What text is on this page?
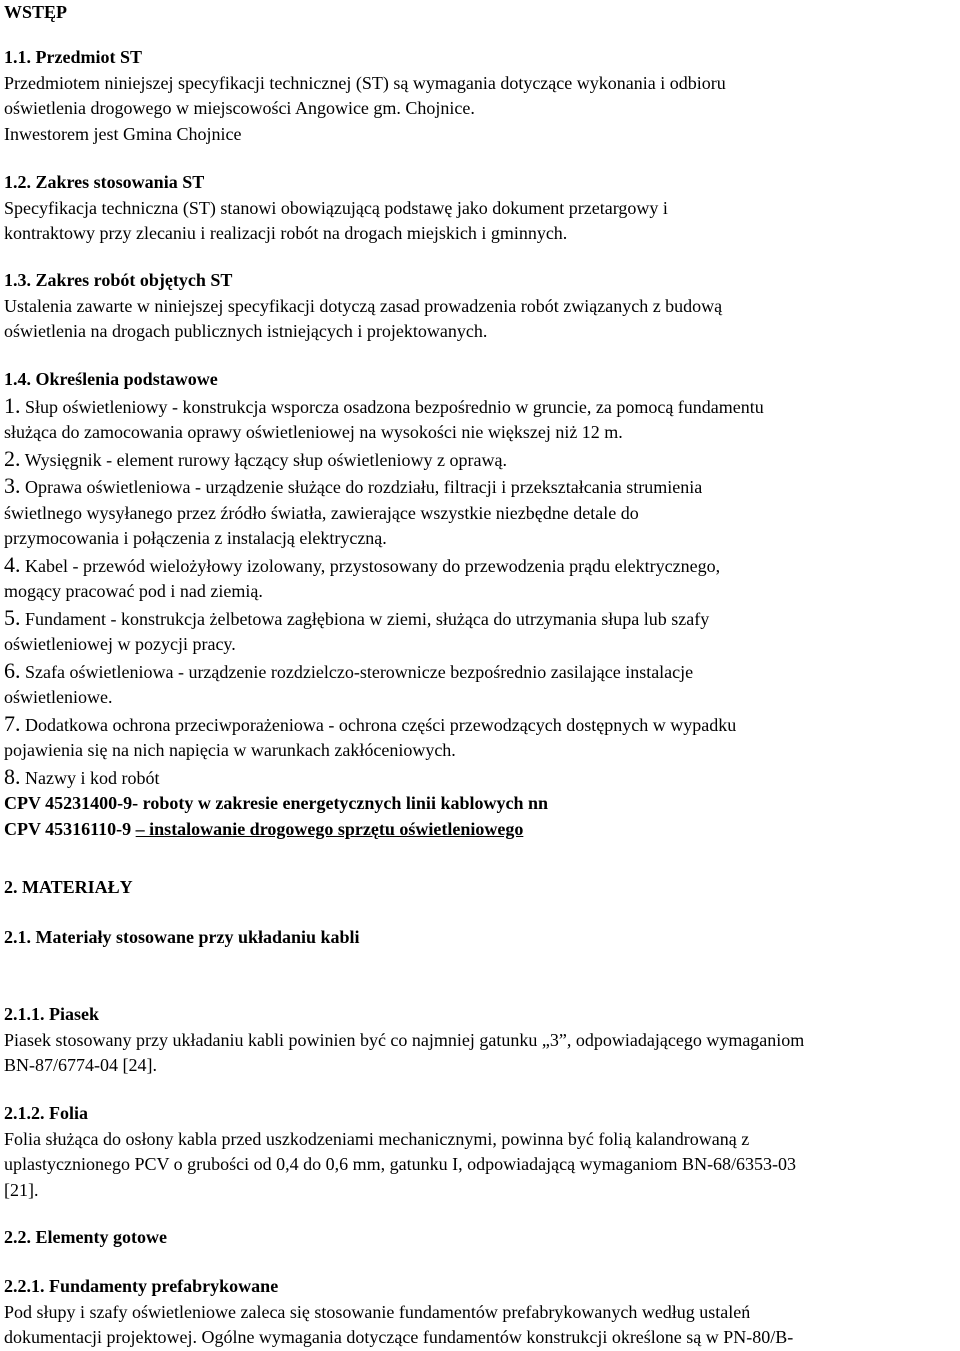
WSTĘP
1.1. Przedmiot ST
Przedmiotem niniejszej specyfikacji technicznej (ST) są wymagania dotyczące wykonania i odbioru
oświetlenia drogowego w miejscowości Angowice gm. Chojnice.
Inwestorem jest Gmina Chojnice
1.2. Zakres stosowania ST
Specyfikacja techniczna (ST) stanowi obowiązującą podstawę jako dokument przetargowy i
kontraktowy przy zlecaniu i realizacji robót na drogach miejskich i gminnych.
1.3. Zakres robót objętych ST
Ustalenia zawarte w niniejszej specyfikacji dotyczą zasad prowadzenia robót związanych z budową
oświetlenia na drogach publicznych istniejących i projektowanych.
1.4. Określenia podstawowe
1. Słup oświetleniowy - konstrukcja wsporcza osadzona bezpośrednio w gruncie, za pomocą fundamentu
służąca do zamocowania oprawy oświetleniowej na wysokości nie większej niż 12 m.
2. Wysięgnik - element rurowy łączący słup oświetleniowy z oprawą.
3. Oprawa oświetleniowa - urządzenie służące do rozdziału, filtracji i przekształcania strumienia
świetlnego wysyłanego przez źródło światła, zawierające wszystkie niezbędne detale do
przymocowania i połączenia z instalacją elektryczną.
4. Kabel - przewód wielożyłowy izolowany, przystosowany do przewodzenia prądu elektrycznego,
mogący pracować pod i nad ziemią.
5. Fundament - konstrukcja żelbetowa zagłębiona w ziemi, służąca do utrzymania słupa lub szafy
oświetleniowej w pozycji pracy.
6. Szafa oświetleniowa - urządzenie rozdzielczo-sterownicze bezpośrednio zasilające instalacje
oświetleniowe.
7. Dodatkowa ochrona przeciwporażeniowa - ochrona części przewodzących dostępnych w wypadku
pojawienia się na nich napięcia w warunkach zakłóceniowych.
8. Nazwy i kod robót
CPV 45231400-9- roboty w zakresie energetycznych linii kablowych nn
CPV 45316110-9 – instalowanie drogowego sprzętu oświetleniowego
2. MATERIAŁY
2.1. Materiały stosowane przy układaniu kabli
2.1.1. Piasek
Piasek stosowany przy układaniu kabli powinien być co najmniej gatunku „3”, odpowiadającego wymaganiom
BN-87/6774-04 [24].
2.1.2. Folia
Folia służąca do osłony kabla przed uszkodzeniami mechanicznymi, powinna być folią kalandrowaną z
uplastycznionego PCV o grubości od 0,4 do 0,6 mm, gatunku I, odpowiadającą wymaganiom BN-68/6353-03
[21].
2.2. Elementy gotowe
2.2.1. Fundamenty prefabrykowane
Pod słupy i szafy oświetleniowe zaleca się stosowanie fundamentów prefabrykowanych według ustaleń
dokumentacji projektowej. Ogólne wymagania dotyczące fundamentów konstrukcji określone są w PN-80/B-
